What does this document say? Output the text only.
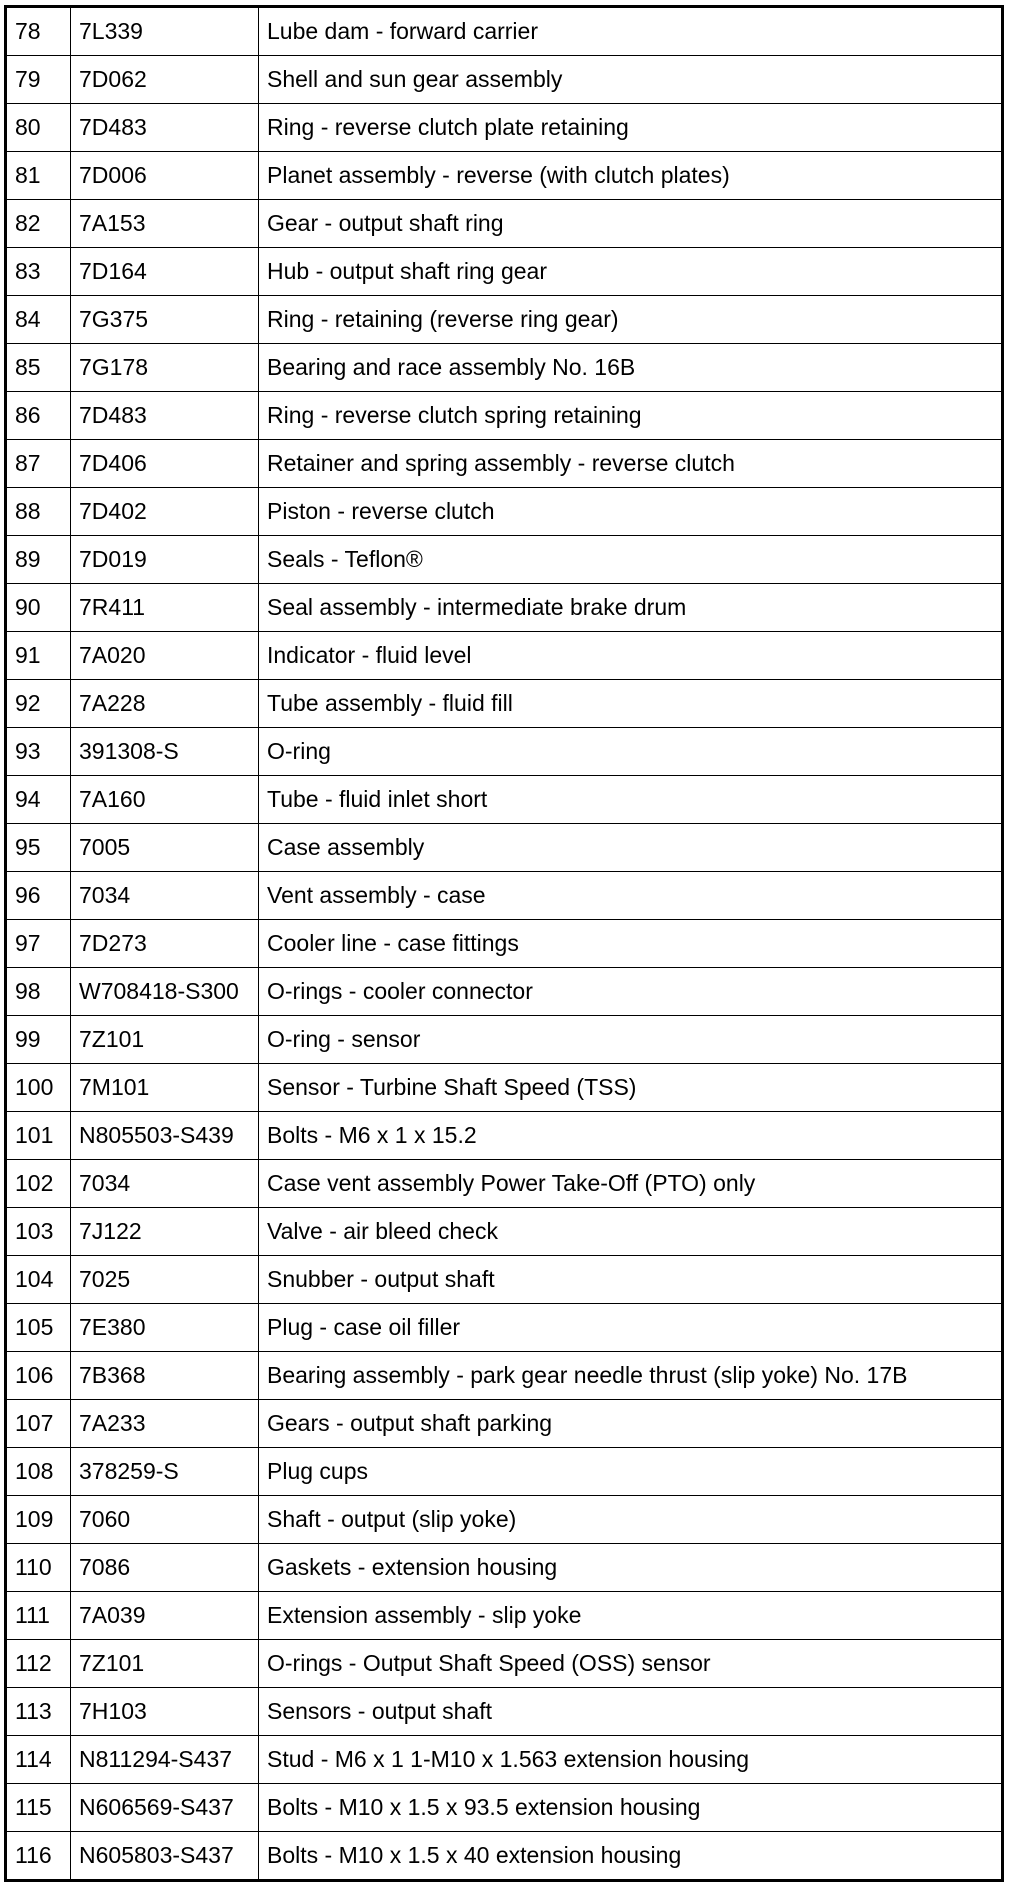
78	7L339	Lube dam - forward carrier
79	7D062	Shell and sun gear assembly
80	7D483	Ring - reverse clutch plate retaining
81	7D006	Planet assembly - reverse (with clutch plates)
82	7A153	Gear - output shaft ring
83	7D164	Hub - output shaft ring gear
84	7G375	Ring - retaining (reverse ring gear)
85	7G178	Bearing and race assembly No. 16B
86	7D483	Ring - reverse clutch spring retaining
87	7D406	Retainer and spring assembly - reverse clutch
88	7D402	Piston - reverse clutch
89	7D019	Seals - Teflon®
90	7R411	Seal assembly - intermediate brake drum
91	7A020	Indicator - fluid level
92	7A228	Tube assembly - fluid fill
93	391308-S	O-ring
94	7A160	Tube - fluid inlet short
95	7005	Case assembly
96	7034	Vent assembly - case
97	7D273	Cooler line - case fittings
98	W708418-S300	O-rings - cooler connector
99	7Z101	O-ring - sensor
100	7M101	Sensor - Turbine Shaft Speed (TSS)
101	N805503-S439	Bolts - M6 x 1 x 15.2
102	7034	Case vent assembly Power Take-Off (PTO) only
103	7J122	Valve - air bleed check
104	7025	Snubber - output shaft
105	7E380	Plug - case oil filler
106	7B368	Bearing assembly - park gear needle thrust (slip yoke) No. 17B
107	7A233	Gears - output shaft parking
108	378259-S	Plug cups
109	7060	Shaft - output (slip yoke)
110	7086	Gaskets - extension housing
111	7A039	Extension assembly - slip yoke
112	7Z101	O-rings - Output Shaft Speed (OSS) sensor
113	7H103	Sensors - output shaft
114	N811294-S437	Stud - M6 x 1 1-M10 x 1.563 extension housing
115	N606569-S437	Bolts - M10 x 1.5 x 93.5 extension housing
116	N605803-S437	Bolts - M10 x 1.5 x 40 extension housing
